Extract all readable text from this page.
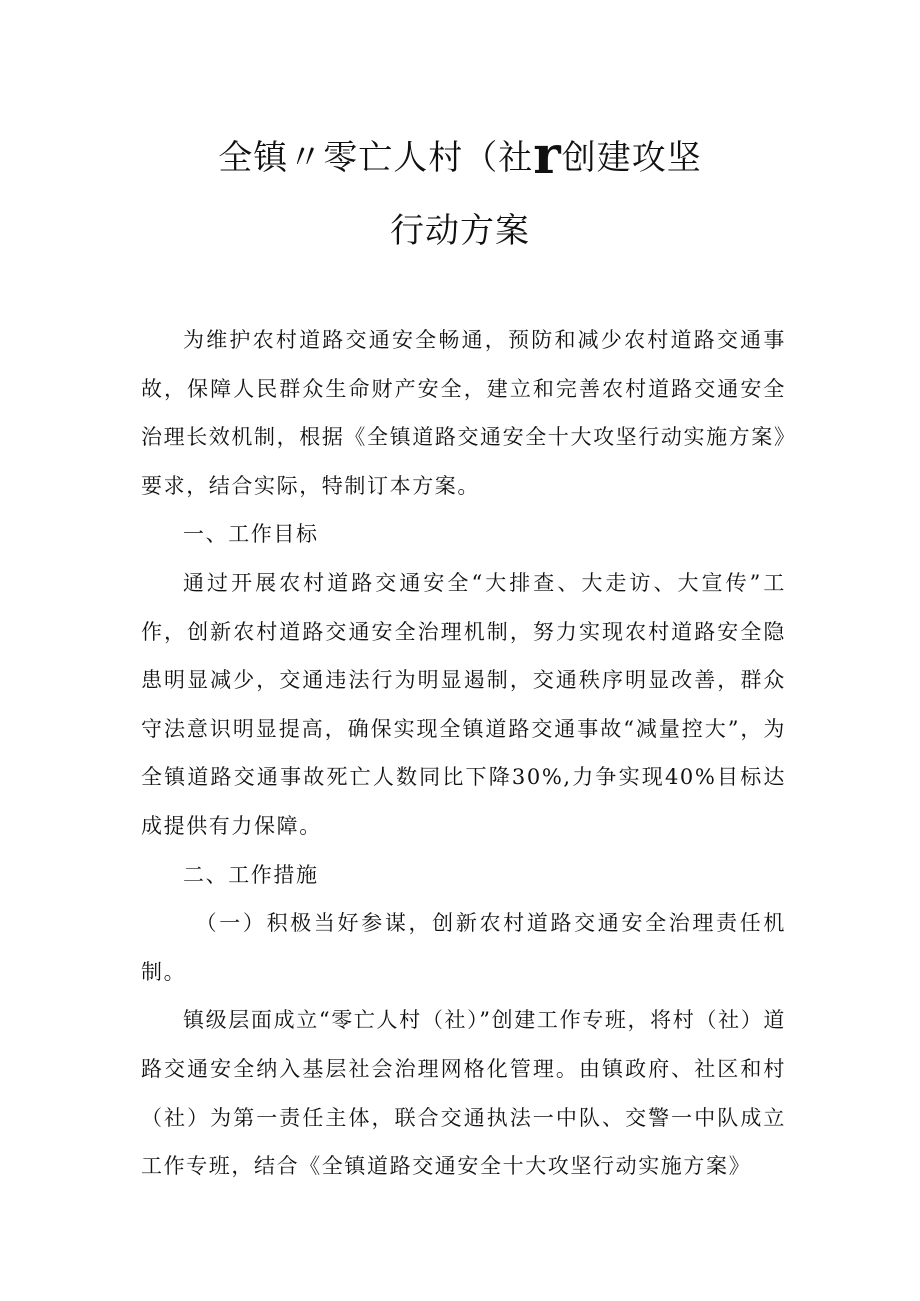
全镇〃零亡人村（社r创建攻坚
行动方案

为维护农村道路交通安全畅通，预防和减少农村道路交通事故，保障人民群众生命财产安全，建立和完善农村道路交通安全治理长效机制，根据《全镇道路交通安全十大攻坚行动实施方案》要求，结合实际，特制订本方案。

一、工作目标

通过开展农村道路交通安全“大排查、大走访、大宣传”工作，创新农村道路交通安全治理机制，努力实现农村道路安全隐患明显减少，交通违法行为明显遏制，交通秩序明显改善，群众守法意识明显提高，确保实现全镇道路交通事故“减量控大”，为全镇道路交通事故死亡人数同比下降30%,力争实现40%目标达成提供有力保障。

二、工作措施

（一）积极当好参谋，创新农村道路交通安全治理责任机制。

镇级层面成立“零亡人村（社）”创建工作专班，将村（社）道路交通安全纳入基层社会治理网格化管理。由镇政府、社区和村（社）为第一责任主体，联合交通执法一中队、交警一中队成立工作专班，结合《全镇道路交通安全十大攻坚行动实施方案》
